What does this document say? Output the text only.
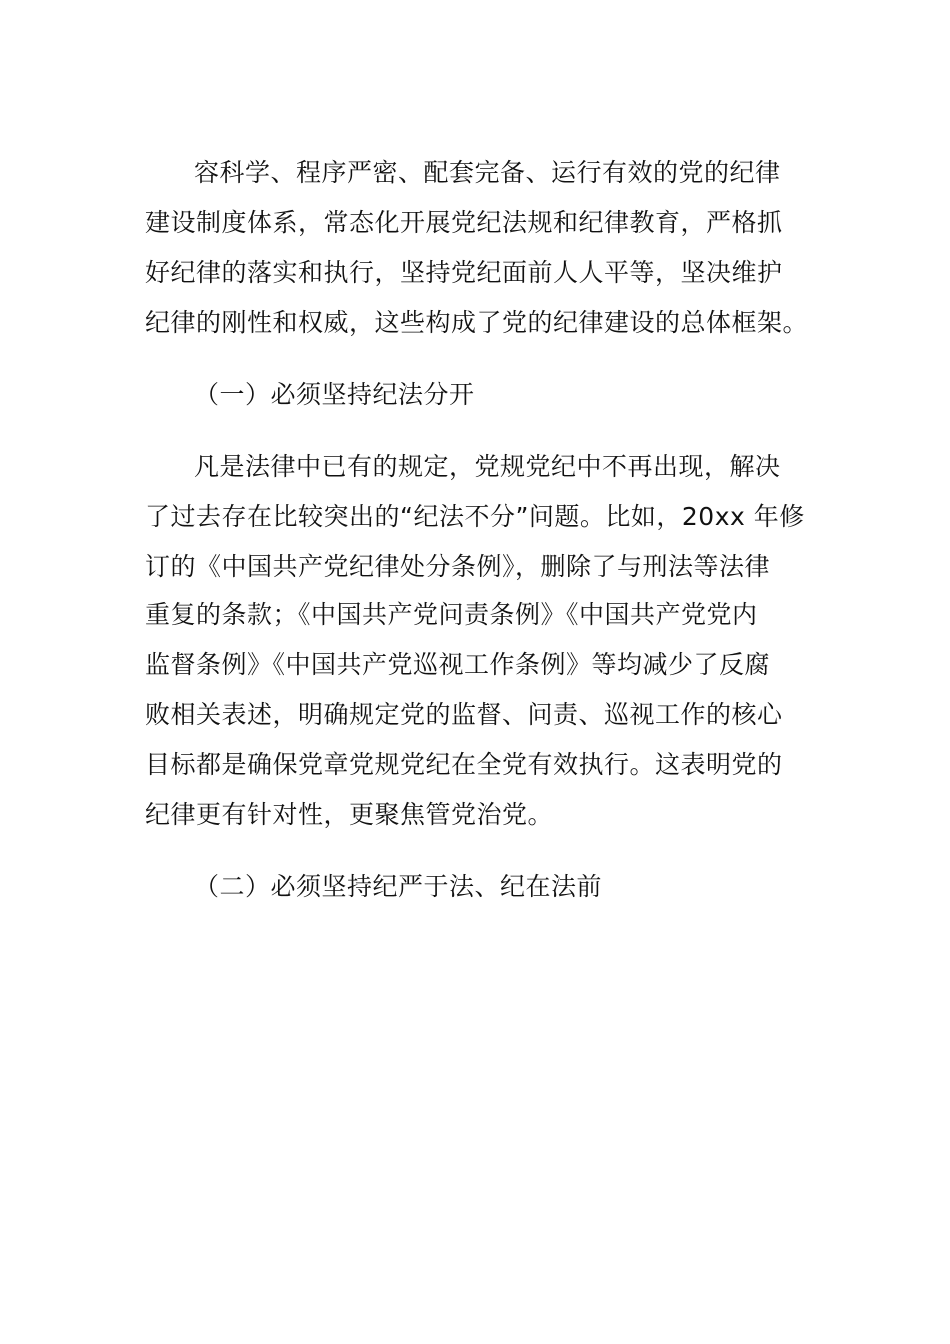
容科学、程序严密、配套完备、运行有效的党的纪律
建设制度体系，常态化开展党纪法规和纪律教育，严格抓
好纪律的落实和执行，坚持党纪面前人人平等，坚决维护
纪律的刚性和权威，这些构成了党的纪律建设的总体框架。
（一）必须坚持纪法分开
凡是法律中已有的规定，党规党纪中不再出现，解决
了过去存在比较突出的“纪法不分”问题。比如，20xx 年修
订的《中国共产党纪律处分条例》，删除了与刑法等法律
重复的条款；《中国共产党问责条例》《中国共产党党内
监督条例》《中国共产党巡视工作条例》等均减少了反腐
败相关表述，明确规定党的监督、问责、巡视工作的核心
目标都是确保党章党规党纪在全党有效执行。这表明党的
纪律更有针对性，更聚焦管党治党。
（二）必须坚持纪严于法、纪在法前
